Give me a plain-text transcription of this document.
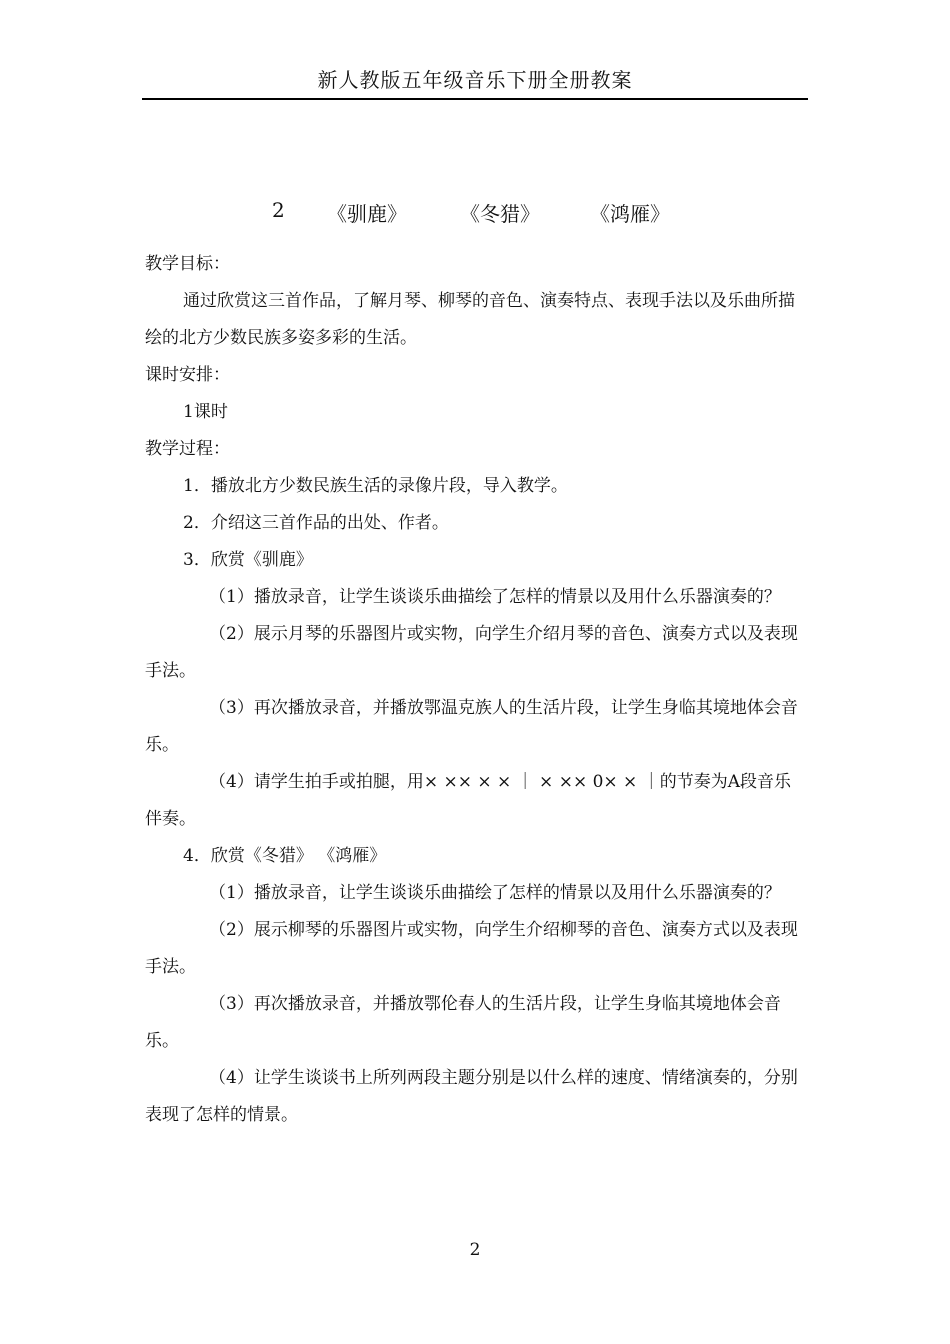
新人教版五年级音乐下册全册教案
2 《驯鹿》	《冬猎》	《鸿雁》

教学目标：

通过欣赏这三首作品，了解月琴、柳琴的音色、演奏特点、表现手法以及乐曲所描绘的北方少数民族多姿多彩的生活。

课时安排：

1课时

教学过程：

1．播放北方少数民族生活的录像片段，导入教学。

2．介绍这三首作品的出处、作者。

3．欣赏《驯鹿》

（1）播放录音，让学生谈谈乐曲描绘了怎样的情景以及用什么乐器演奏的？

（2）展示月琴的乐器图片或实物，向学生介绍月琴的音色、演奏方式以及表现手法。

（3）再次播放录音，并播放鄂温克族人的生活片段，让学生身临其境地体会音乐。

（4）请学生拍手或拍腿，用× ×× × × ｜ × ×× 0× × ｜的节奏为A段音乐伴奏。

4．欣赏《冬猎》 《鸿雁》

（1）播放录音，让学生谈谈乐曲描绘了怎样的情景以及用什么乐器演奏的？

（2）展示柳琴的乐器图片或实物，向学生介绍柳琴的音色、演奏方式以及表现手法。

（3）再次播放录音，并播放鄂伦春人的生活片段，让学生身临其境地体会音乐。

（4）让学生谈谈书上所列两段主题分别是以什么样的速度、情绪演奏的，分别表现了怎样的情景。

2
